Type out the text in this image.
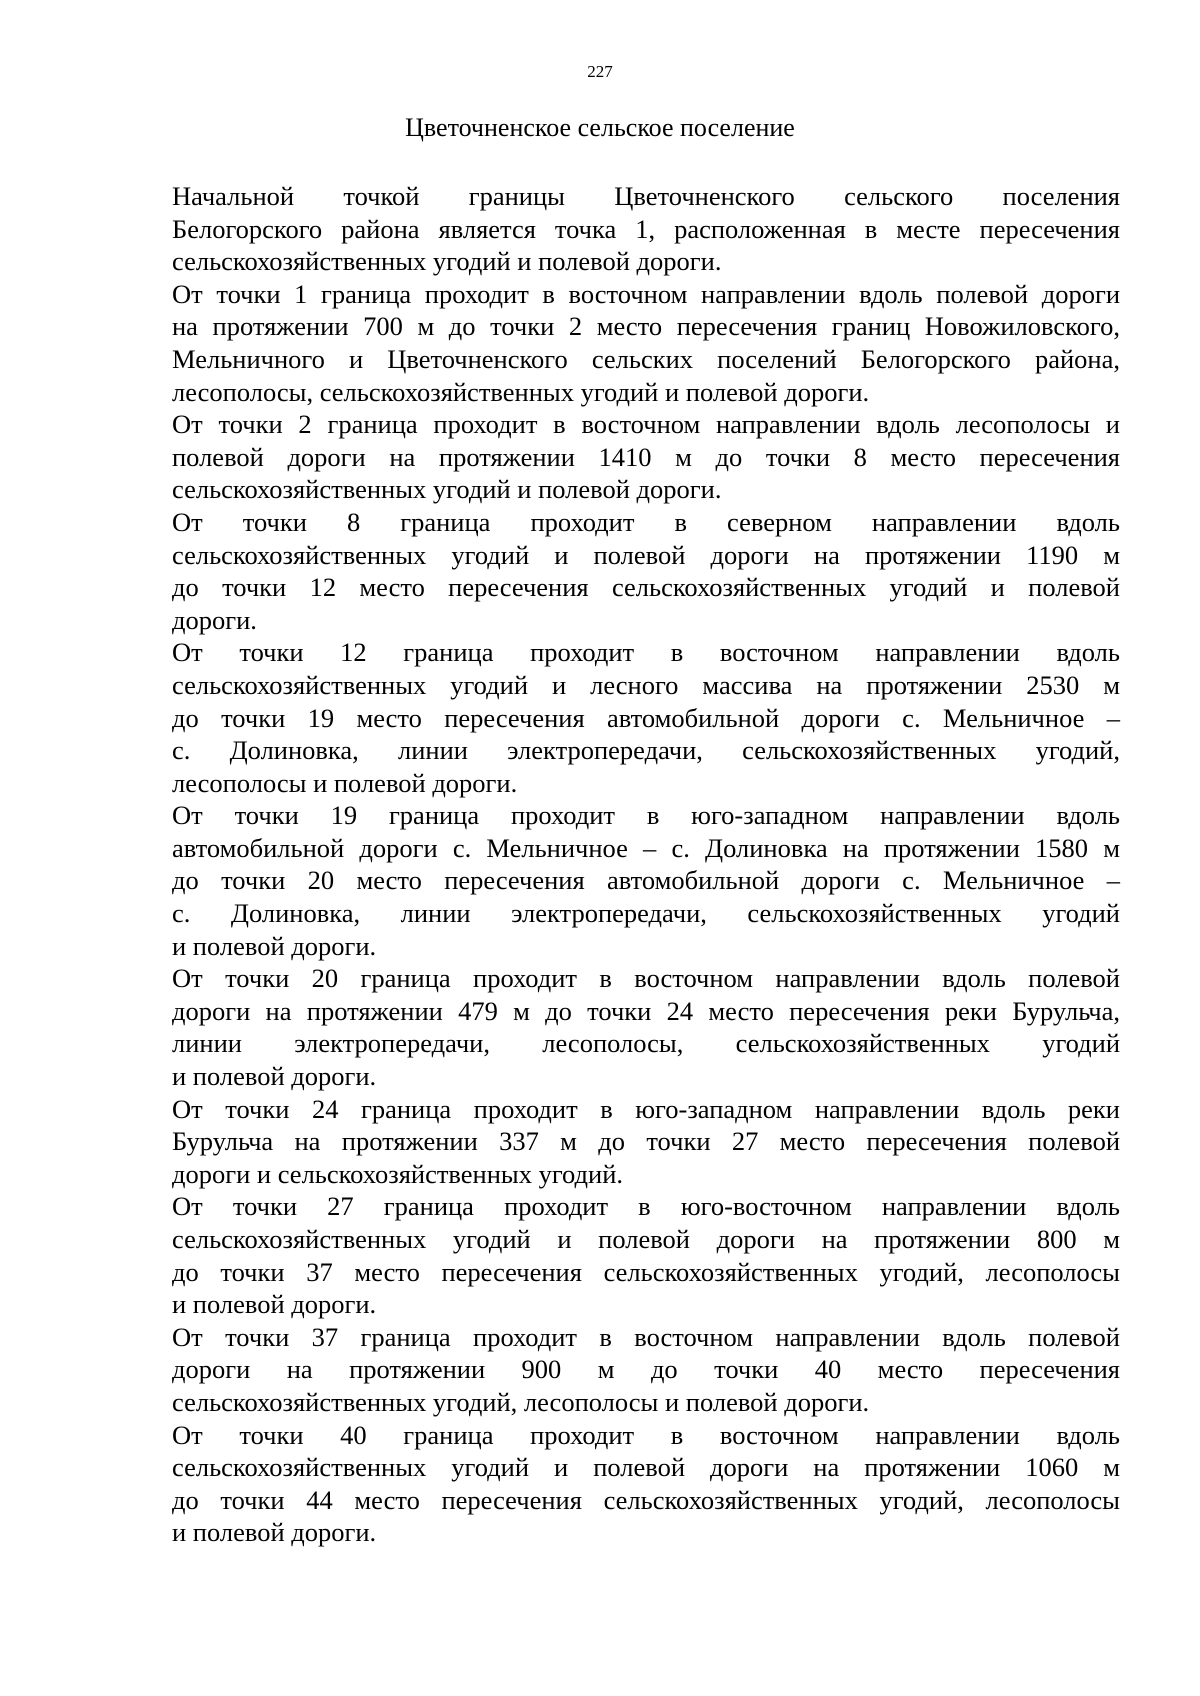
227
Цветочненское сельское поселение
Начальной точкой границы Цветочненского сельского поселения
Белогорского района является точка 1, расположенная в месте пересечения
сельскохозяйственных угодий и полевой дороги.
От точки 1 граница проходит в восточном направлении вдоль полевой дороги
на протяжении 700 м до точки 2 место пересечения границ Новожиловского,
Мельничного и Цветочненского сельских поселений Белогорского района,
лесополосы, сельскохозяйственных угодий и полевой дороги.
От точки 2 граница проходит в восточном направлении вдоль лесополосы и
полевой дороги на протяжении 1410 м до точки 8 место пересечения
сельскохозяйственных угодий и полевой дороги.
От точки 8 граница проходит в северном направлении вдоль
сельскохозяйственных угодий и полевой дороги на протяжении 1190 м
до точки 12 место пересечения сельскохозяйственных угодий и полевой
дороги.
От точки 12 граница проходит в восточном направлении вдоль
сельскохозяйственных угодий и лесного массива на протяжении 2530 м
до точки 19 место пересечения автомобильной дороги с. Мельничное –
с. Долиновка, линии электропередачи, сельскохозяйственных угодий,
лесополосы и полевой дороги.
От точки 19 граница проходит в юго-западном направлении вдоль
автомобильной дороги с. Мельничное – с. Долиновка на протяжении 1580 м
до точки 20 место пересечения автомобильной дороги с. Мельничное –
с. Долиновка, линии электропередачи, сельскохозяйственных угодий
и полевой дороги.
От точки 20 граница проходит в восточном направлении вдоль полевой
дороги на протяжении 479 м до точки 24 место пересечения реки Бурульча,
линии электропередачи, лесополосы, сельскохозяйственных угодий
и полевой дороги.
От точки 24 граница проходит в юго-западном направлении вдоль реки
Бурульча на протяжении 337 м до точки 27 место пересечения полевой
дороги и сельскохозяйственных угодий.
От точки 27 граница проходит в юго-восточном направлении вдоль
сельскохозяйственных угодий и полевой дороги на протяжении 800 м
до точки 37 место пересечения сельскохозяйственных угодий, лесополосы
и полевой дороги.
От точки 37 граница проходит в восточном направлении вдоль полевой
дороги на протяжении 900 м до точки 40 место пересечения
сельскохозяйственных угодий, лесополосы и полевой дороги.
От точки 40 граница проходит в восточном направлении вдоль
сельскохозяйственных угодий и полевой дороги на протяжении 1060 м
до точки 44 место пересечения сельскохозяйственных угодий, лесополосы
и полевой дороги.
